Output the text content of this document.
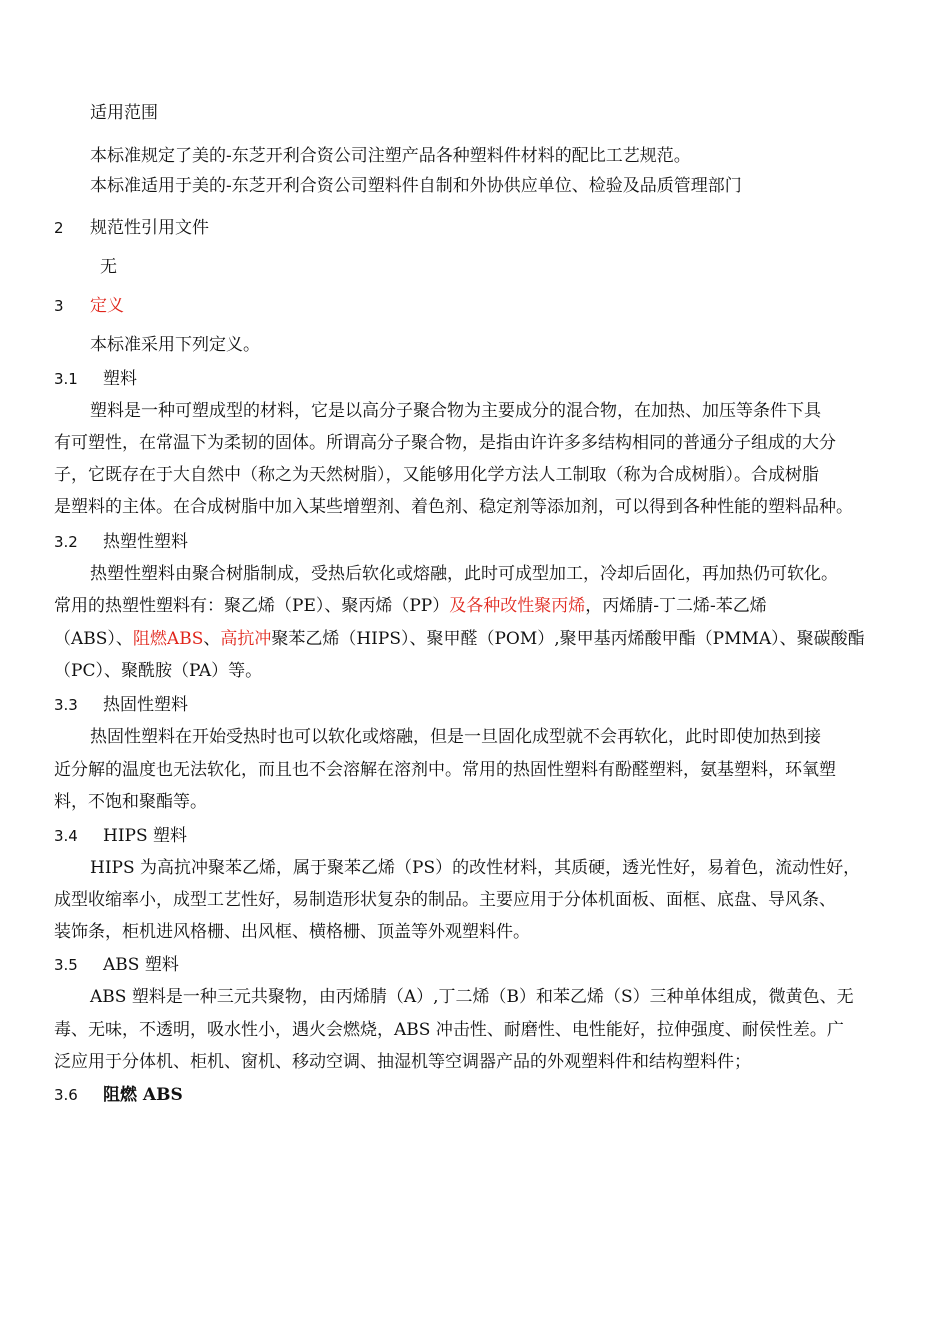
适用范围
本标准规定了美的-东芝开利合资公司注塑产品各种塑料件材料的配比工艺规范。
本标准适用于美的-东芝开利合资公司塑料件自制和外协供应单位、检验及品质管理部门
2 规范性引用文件
无
3 定义
本标准采用下列定义。
3.1 塑料
塑料是一种可塑成型的材料，它是以高分子聚合物为主要成分的混合物，在加热、加压等条件下具
有可塑性，在常温下为柔韧的固体。所谓高分子聚合物，是指由许许多多结构相同的普通分子组成的大分
子，它既存在于大自然中（称之为天然树脂），又能够用化学方法人工制取（称为合成树脂）。合成树脂
是塑料的主体。在合成树脂中加入某些增塑剂、着色剂、稳定剂等添加剂，可以得到各种性能的塑料品种。
3.2 热塑性塑料
热塑性塑料由聚合树脂制成，受热后软化或熔融，此时可成型加工，冷却后固化，再加热仍可软化。
常用的热塑性塑料有：聚乙烯（PE）、聚丙烯（PP）及各种改性聚丙烯，丙烯腈-丁二烯-苯乙烯
（ABS）、阻燃ABS、高抗冲聚苯乙烯（HIPS）、聚甲醛（POM）,聚甲基丙烯酸甲酯（PMMA）、聚碳酸酯
（PC）、聚酰胺（PA）等。
3.3 热固性塑料
热固性塑料在开始受热时也可以软化或熔融，但是一旦固化成型就不会再软化，此时即使加热到接
近分解的温度也无法软化，而且也不会溶解在溶剂中。常用的热固性塑料有酚醛塑料，氨基塑料，环氧塑
料，不饱和聚酯等。
3.4 HIPS 塑料
HIPS 为高抗冲聚苯乙烯，属于聚苯乙烯（PS）的改性材料，其质硬，透光性好，易着色，流动性好，
成型收缩率小，成型工艺性好，易制造形状复杂的制品。主要应用于分体机面板、面框、底盘、导风条、
装饰条，柜机进风格栅、出风框、横格栅、顶盖等外观塑料件。
3.5 ABS 塑料
ABS 塑料是一种三元共聚物，由丙烯腈（A）,丁二烯（B）和苯乙烯（S）三种单体组成，微黄色、无
毒、无味，不透明，吸水性小，遇火会燃烧，ABS 冲击性、耐磨性、电性能好，拉伸强度、耐侯性差。广
泛应用于分体机、柜机、窗机、移动空调、抽湿机等空调器产品的外观塑料件和结构塑料件；
3.6 阻燃 ABS
